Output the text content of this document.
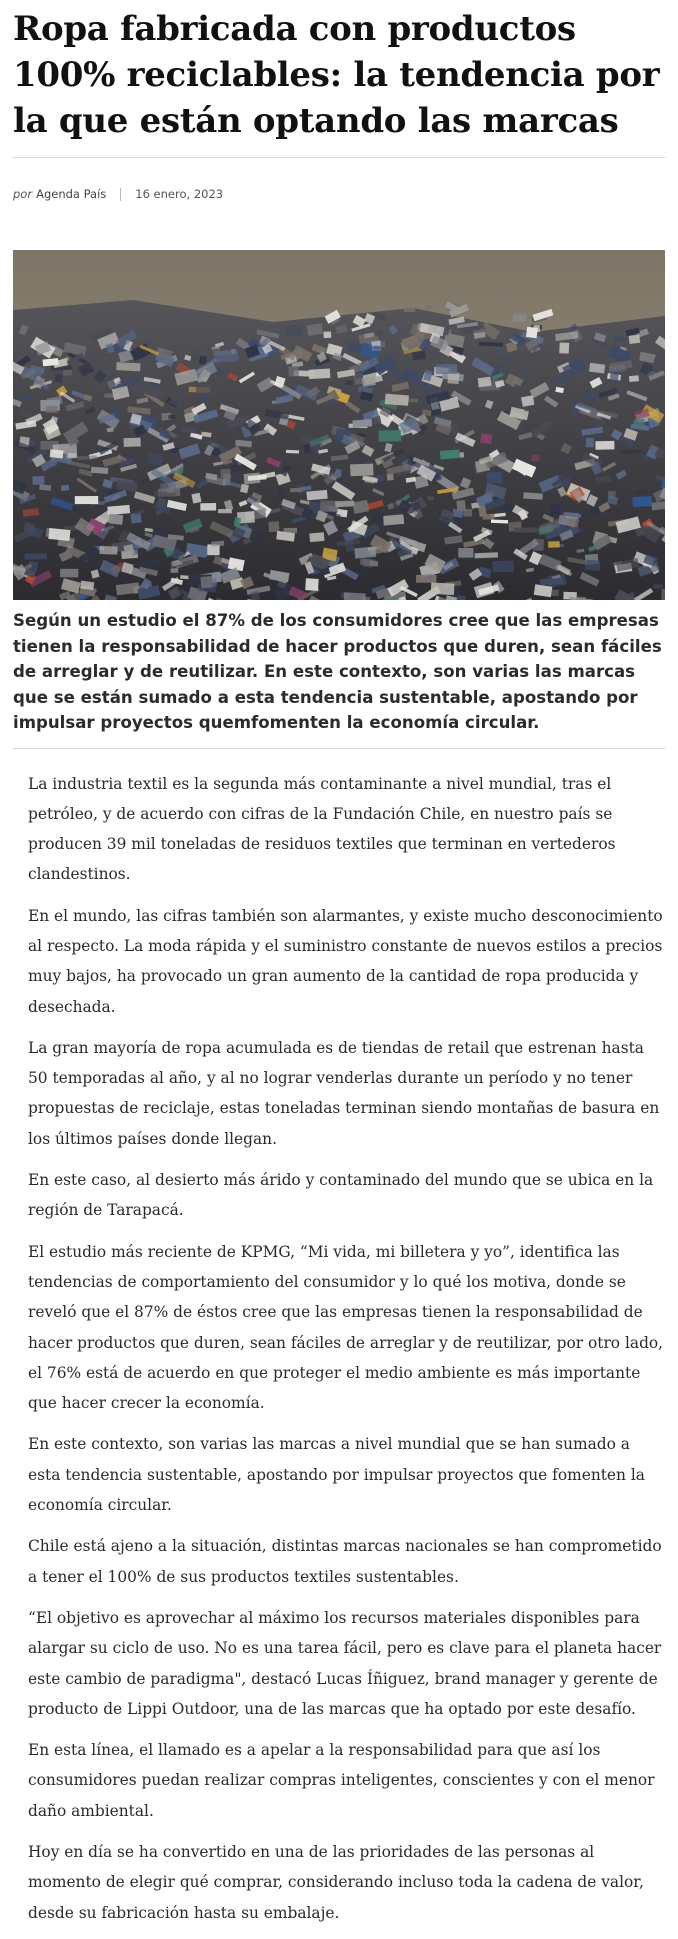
Ropa fabricada con productos 100% reciclables: la tendencia por la que están optando las marcas
por Agenda País	16 enero, 2023

Según un estudio el 87% de los consumidores cree que las empresas tienen la responsabilidad de hacer productos que duren, sean fáciles de arreglar y de reutilizar. En este contexto, son varias las marcas que se están sumado a esta tendencia sustentable, apostando por impulsar proyectos quemfomenten la economía circular.

La industria textil es la segunda más contaminante a nivel mundial, tras el petróleo, y de acuerdo con cifras de la Fundación Chile, en nuestro país se producen 39 mil toneladas de residuos textiles que terminan en vertederos clandestinos.

En el mundo, las cifras también son alarmantes, y existe mucho desconocimiento al respecto. La moda rápida y el suministro constante de nuevos estilos a precios muy bajos, ha provocado un gran aumento de la cantidad de ropa producida y desechada.

La gran mayoría de ropa acumulada es de tiendas de retail que estrenan hasta 50 temporadas al año, y al no lograr venderlas durante un período y no tener propuestas de reciclaje, estas toneladas terminan siendo montañas de basura en los últimos países donde llegan.

En este caso, al desierto más árido y contaminado del mundo que se ubica en la región de Tarapacá.

El estudio más reciente de KPMG, “Mi vida, mi billetera y yo”, identifica las tendencias de comportamiento del consumidor y lo qué los motiva, donde se reveló que el 87% de éstos cree que las empresas tienen la responsabilidad de hacer productos que duren, sean fáciles de arreglar y de reutilizar, por otro lado, el 76% está de acuerdo en que proteger el medio ambiente es más importante que hacer crecer la economía.

En este contexto, son varias las marcas a nivel mundial que se han sumado a esta tendencia sustentable, apostando por impulsar proyectos que fomenten la economía circular.

Chile está ajeno a la situación, distintas marcas nacionales se han comprometido a tener el 100% de sus productos textiles sustentables.

“El objetivo es aprovechar al máximo los recursos materiales disponibles para alargar su ciclo de uso. No es una tarea fácil, pero es clave para el planeta hacer este cambio de paradigma", destacó Lucas Íñiguez, brand manager y gerente de producto de Lippi Outdoor, una de las marcas que ha optado por este desafío.

En esta línea, el llamado es a apelar a la responsabilidad para que así los consumidores puedan realizar compras inteligentes, conscientes y con el menor daño ambiental.

Hoy en día se ha convertido en una de las prioridades de las personas al momento de elegir qué comprar, considerando incluso toda la cadena de valor, desde su fabricación hasta su embalaje.
